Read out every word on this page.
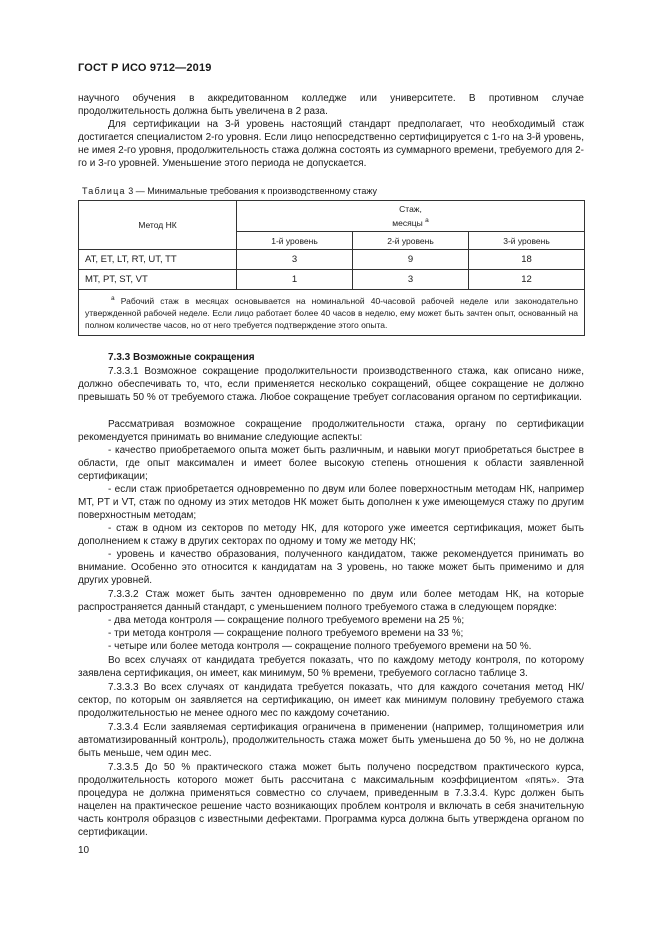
ГОСТ Р ИСО 9712—2019

научного обучения в аккредитованном колледже или университете. В противном случае продолжительность должна быть увеличена в 2 раза.

Для сертификации на 3-й уровень настоящий стандарт предполагает, что необходимый стаж достигается специалистом 2-го уровня. Если лицо непосредственно сертифицируется с 1-го на 3-й уровень, не имея 2-го уровня, продолжительность стажа должна состоять из суммарного времени, требуемого для 2-го и 3-го уровней. Уменьшение этого периода не допускается.

Таблица 3 — Минимальные требования к производственному стажу
Метод НК	Стаж,
месяцы $^а$

	1-й уровень	2-й уровень	3-й уровень
AT, ET, LT, RT, UT, TT	3	9	18
MT, PT, ST, VT	1	3	12
$^а$ Рабочий стаж в месяцах основывается на номинальной 40-часовой рабочей неделе или законодательно утвержденной рабочей неделе. Если лицо работает более 40 часов в неделю, ему может быть зачтен опыт, основанный на полном количестве часов, но от него требуется подтверждение этого опыта.			
7.3.3 Возможные сокращения

7.3.3.1 Возможное сокращение продолжительности производственного стажа, как описано ниже, должно обеспечивать то, что, если применяется несколько сокращений, общее сокращение не должно превышать 50 % от требуемого стажа. Любое сокращение требует согласования органом по сертификации.

Рассматривая возможное сокращение продолжительности стажа, органу по сертификации рекомендуется принимать во внимание следующие аспекты:

- качество приобретаемого опыта может быть различным, и навыки могут приобретаться быстрее в области, где опыт максимален и имеет более высокую степень отношения к области заявленной сертификации;

- если стаж приобретается одновременно по двум или более поверхностным методам НК, например МТ, PT и VT, стаж по одному из этих методов НК может быть дополнен к уже имеющемуся стажу по другим поверхностным методам;

- стаж в одном из секторов по методу НК, для которого уже имеется сертификация, может быть дополнением к стажу в других секторах по одному и тому же методу НК;

- уровень и качество образования, полученного кандидатом, также рекомендуется принимать во внимание. Особенно это относится к кандидатам на 3 уровень, но также может быть применимо и для других уровней.

7.3.3.2 Стаж может быть зачтен одновременно по двум или более методам НК, на которые распространяется данный стандарт, с уменьшением полного требуемого стажа в следующем порядке:

- два метода контроля — сокращение полного требуемого времени на 25 %;

- три метода контроля — сокращение полного требуемого времени на 33 %;

- четыре или более метода контроля — сокращение полного требуемого времени на 50 %.

Во всех случаях от кандидата требуется показать, что по каждому методу контроля, по которому заявлена сертификация, он имеет, как минимум, 50 % времени, требуемого согласно таблице 3.

7.3.3.3 Во всех случаях от кандидата требуется показать, что для каждого сочетания метод НК/сектор, по которым он заявляется на сертификацию, он имеет как минимум половину требуемого стажа продолжительностью не менее одного мес по каждому сочетанию.

7.3.3.4 Если заявляемая сертификация ограничена в применении (например, толщинометрия или автоматизированный контроль), продолжительность стажа может быть уменьшена до 50 %, но не должна быть меньше, чем один мес.

7.3.3.5 До 50 % практического стажа может быть получено посредством практического курса, продолжительность которого может быть рассчитана с максимальным коэффициентом «пять». Эта процедура не должна применяться совместно со случаем, приведенным в 7.3.3.4. Курс должен быть нацелен на практическое решение часто возникающих проблем контроля и включать в себя значительную часть контроля образцов с известными дефектами. Программа курса должна быть утверждена органом по сертификации.

10
